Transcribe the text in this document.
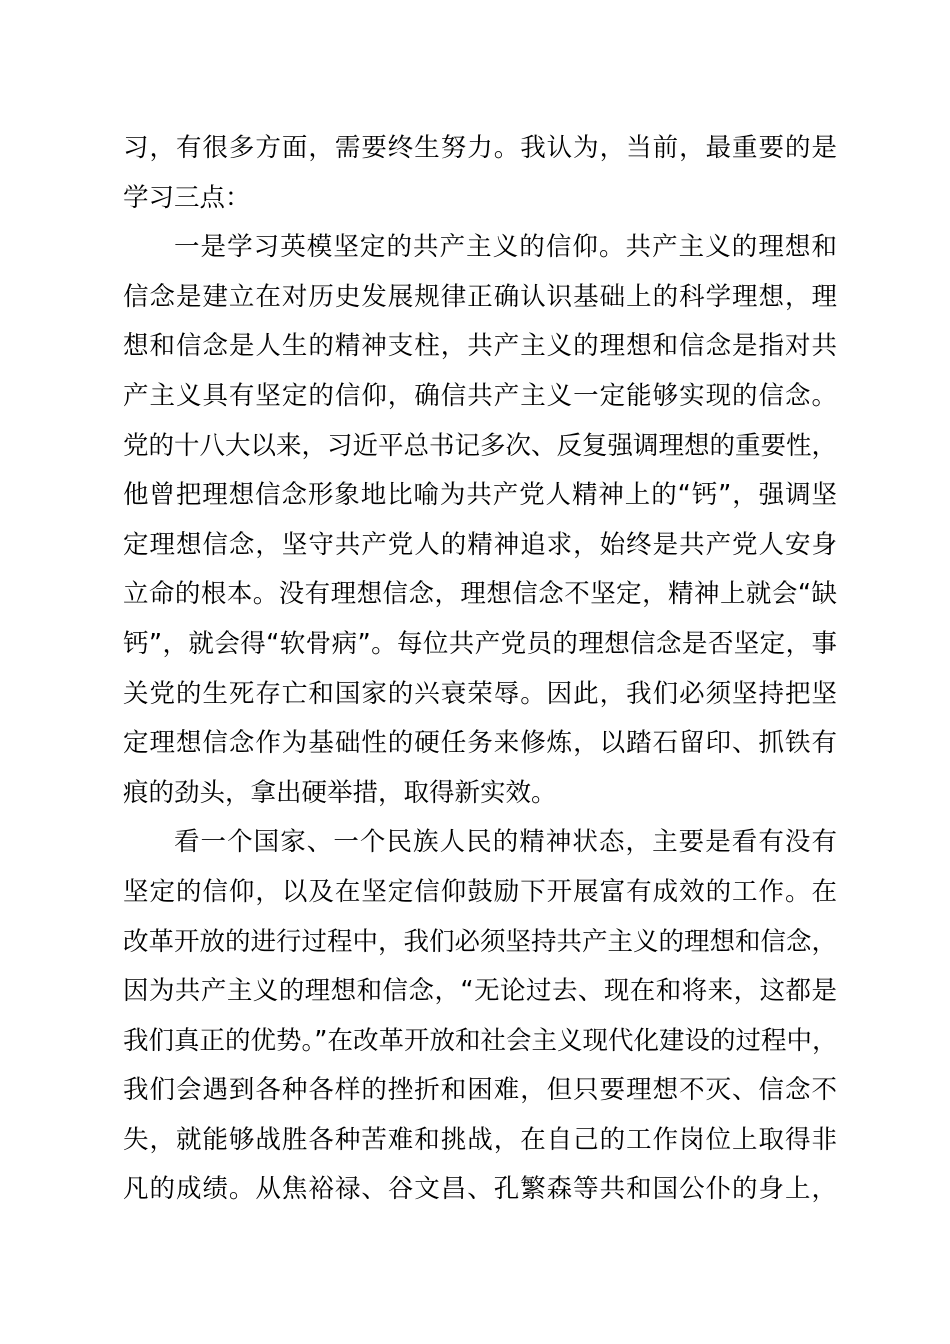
习，有很多方面，需要终生努力。我认为，当前，最重要的是
学习三点：
一是学习英模坚定的共产主义的信仰。共产主义的理想和
信念是建立在对历史发展规律正确认识基础上的科学理想，理
想和信念是人生的精神支柱，共产主义的理想和信念是指对共
产主义具有坚定的信仰，确信共产主义一定能够实现的信念。
党的十八大以来，习近平总书记多次、反复强调理想的重要性，
他曾把理想信念形象地比喻为共产党人精神上的“钙”，强调坚
定理想信念，坚守共产党人的精神追求，始终是共产党人安身
立命的根本。没有理想信念，理想信念不坚定，精神上就会“缺
钙”，就会得“软骨病”。每位共产党员的理想信念是否坚定，事
关党的生死存亡和国家的兴衰荣辱。因此，我们必须坚持把坚
定理想信念作为基础性的硬任务来修炼，以踏石留印、抓铁有
痕的劲头，拿出硬举措，取得新实效。
看一个国家、一个民族人民的精神状态，主要是看有没有
坚定的信仰，以及在坚定信仰鼓励下开展富有成效的工作。在
改革开放的进行过程中，我们必须坚持共产主义的理想和信念，
因为共产主义的理想和信念，“无论过去、现在和将来，这都是
我们真正的优势。”在改革开放和社会主义现代化建设的过程中，
我们会遇到各种各样的挫折和困难，但只要理想不灭、信念不
失，就能够战胜各种苦难和挑战，在自己的工作岗位上取得非
凡的成绩。从焦裕禄、谷文昌、孔繁森等共和国公仆的身上，
